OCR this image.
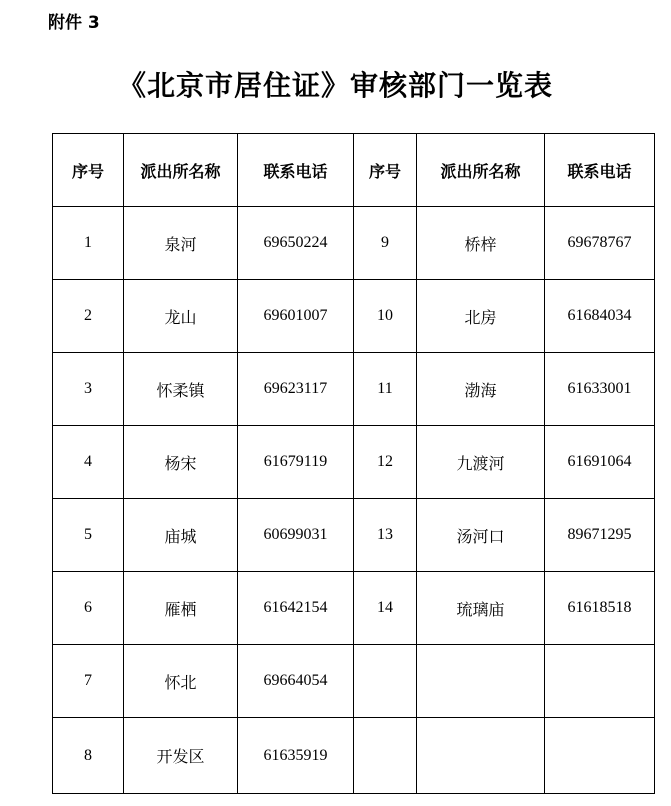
附件 3
《北京市居住证》审核部门一览表
序号	派出所名称	联系电话	序号	派出所名称	联系电话
1	泉河	69650224	9	桥梓	69678767
2	龙山	69601007	10	北房	61684034
3	怀柔镇	69623117	11	渤海	61633001
4	杨宋	61679119	12	九渡河	61691064
5	庙城	60699031	13	汤河口	89671295
6	雁栖	61642154	14	琉璃庙	61618518
7	怀北	69664054			
8	开发区	61635919			
